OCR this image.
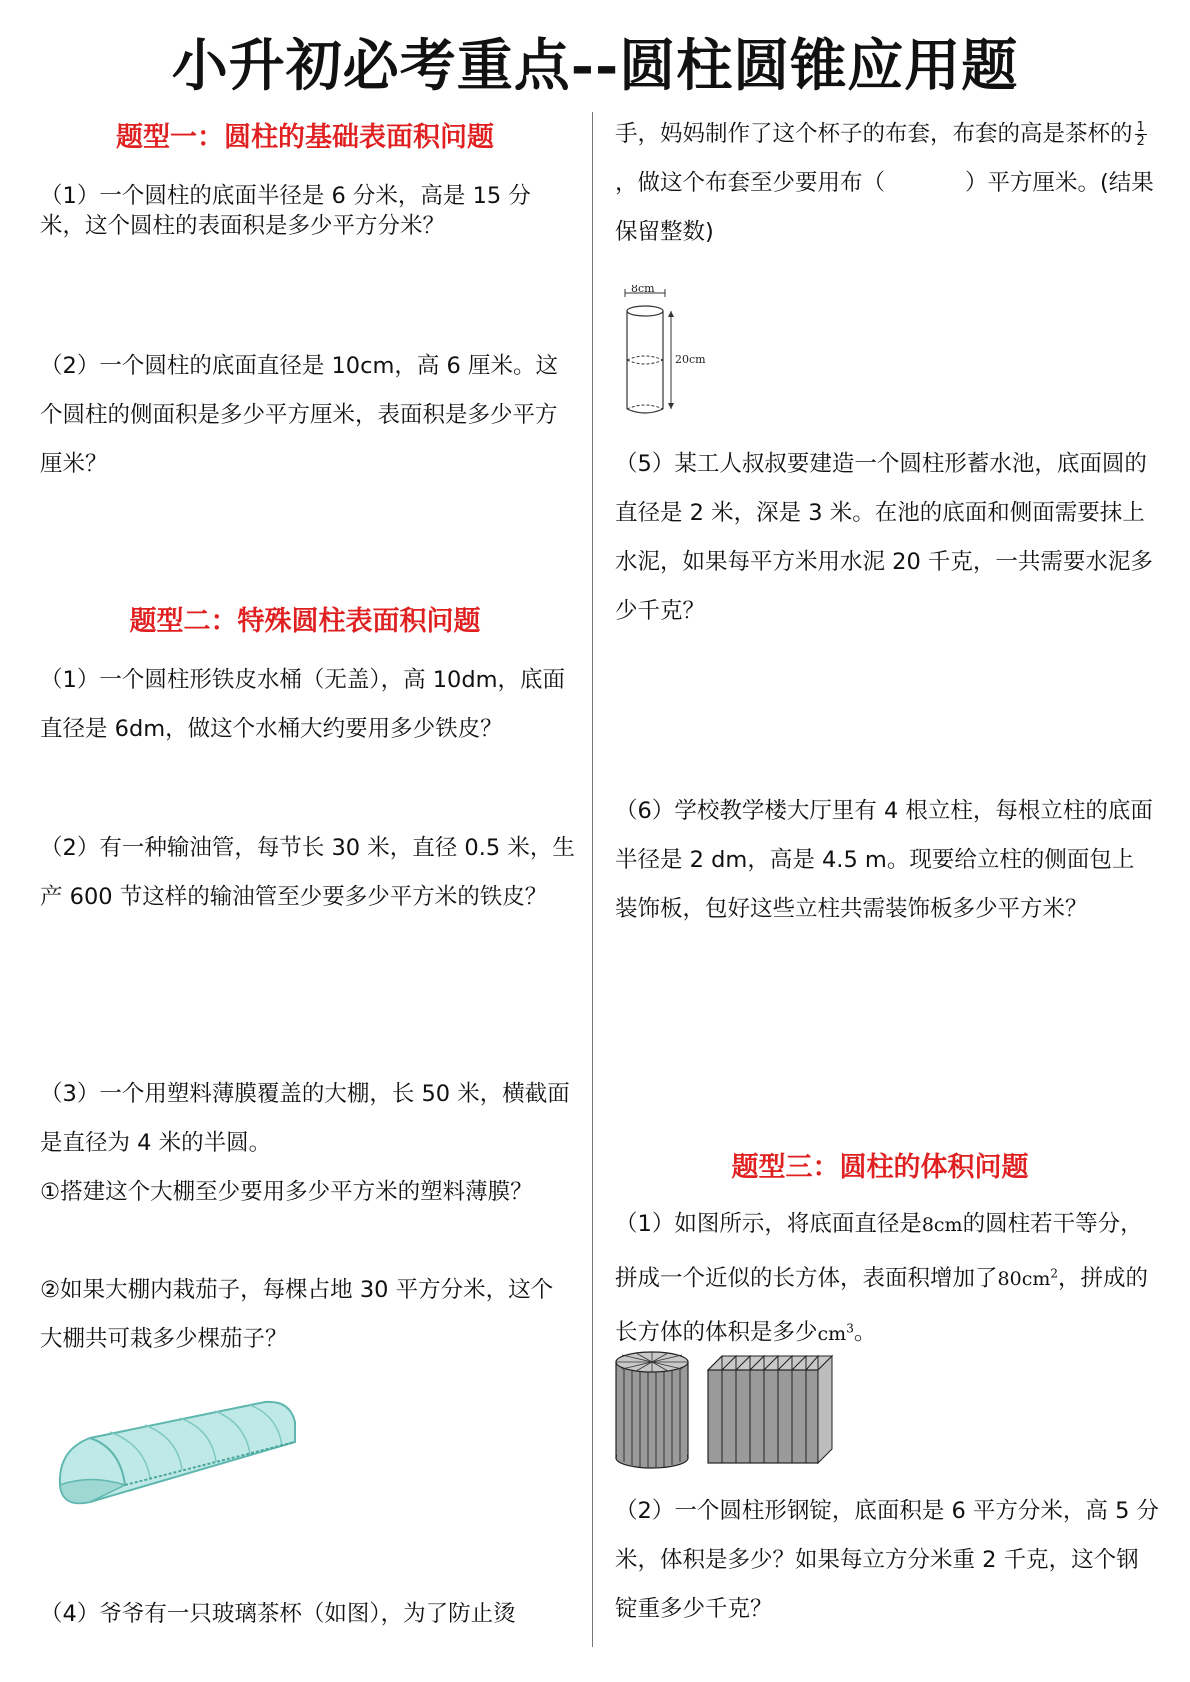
小升初必考重点--圆柱圆锥应用题
题型一：圆柱的基础表面积问题

（1）一个圆柱的底面半径是 6 分米，高是 15 分米，这个圆柱的表面积是多少平方分米？

（2）一个圆柱的底面直径是 10cm，高 6 厘米。这个圆柱的侧面积是多少平方厘米，表面积是多少平方厘米？

题型二：特殊圆柱表面积问题

（1）一个圆柱形铁皮水桶（无盖），高 10dm，底面直径是 6dm，做这个水桶大约要用多少铁皮？

（2）有一种输油管，每节长 30 米，直径 0.5 米，生产 600 节这样的输油管至少要多少平方米的铁皮？

（3）一个用塑料薄膜覆盖的大棚，长 50 米，横截面是直径为 4 米的半圆。

①搭建这个大棚至少要用多少平方米的塑料薄膜？

②如果大棚内栽茄子，每棵占地 30 平方分米，这个大棚共可栽多少棵茄子？

（4）爷爷有一只玻璃茶杯（如图），为了防止烫

手，妈妈制作了这个杯子的布套，布套的高是茶杯的 $\frac{1}{2}$
，做这个布套至少要用布（	）平方厘米。(结果保留整数)

8cm
20cm

（5）某工人叔叔要建造一个圆柱形蓄水池，底面圆的直径是 2 米，深是 3 米。在池的底面和侧面需要抹上水泥，如果每平方米用水泥 20 千克，一共需要水泥多少千克？

（6）学校教学楼大厅里有 4 根立柱，每根立柱的底面半径是 2 dm，高是 4.5 m。现要给立柱的侧面包上装饰板，包好这些立柱共需装饰板多少平方米？

题型三：圆柱的体积问题

（1）如图所示，将底面直径是8cm的圆柱若干等分，拼成一个近似的长方体，表面积增加了$80cm^2$，拼成的长方体的体积是多少$cm^3$。

（2）一个圆柱形钢锭，底面积是 6 平方分米，高 5 分米，体积是多少？如果每立方分米重 2 千克，这个钢锭重多少千克？
